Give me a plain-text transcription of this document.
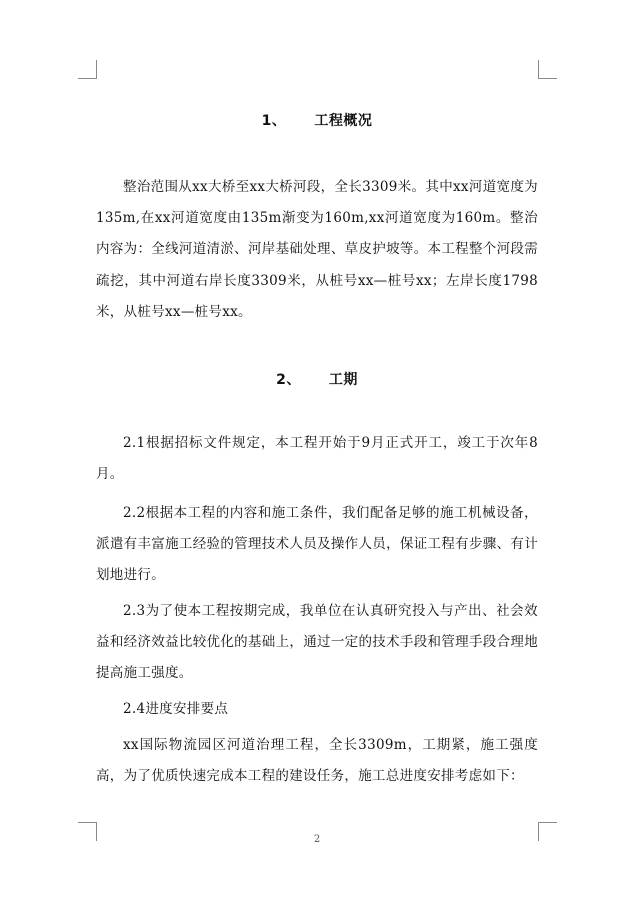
1、 工程概况
整治范围从xx大桥至xx大桥河段，全长3309米。其中xx河道宽度为135m,在xx河道宽度由135m渐变为160m,xx河道宽度为160m。整治内容为：全线河道清淤、河岸基础处理、草皮护坡等。本工程整个河段需疏挖，其中河道右岸长度3309米，从桩号xx—桩号xx；左岸长度1798米，从桩号xx—桩号xx。
2、 工期
2.1根据招标文件规定，本工程开始于9月正式开工，竣工于次年8月。
2.2根据本工程的内容和施工条件，我们配备足够的施工机械设备，派遣有丰富施工经验的管理技术人员及操作人员，保证工程有步骤、有计划地进行。
2.3为了使本工程按期完成，我单位在认真研究投入与产出、社会效益和经济效益比较优化的基础上，通过一定的技术手段和管理手段合理地提高施工强度。
2.4进度安排要点
xx国际物流园区河道治理工程，全长3309m，工期紧，施工强度高，为了优质快速完成本工程的建设任务，施工总进度安排考虑如下：
2
